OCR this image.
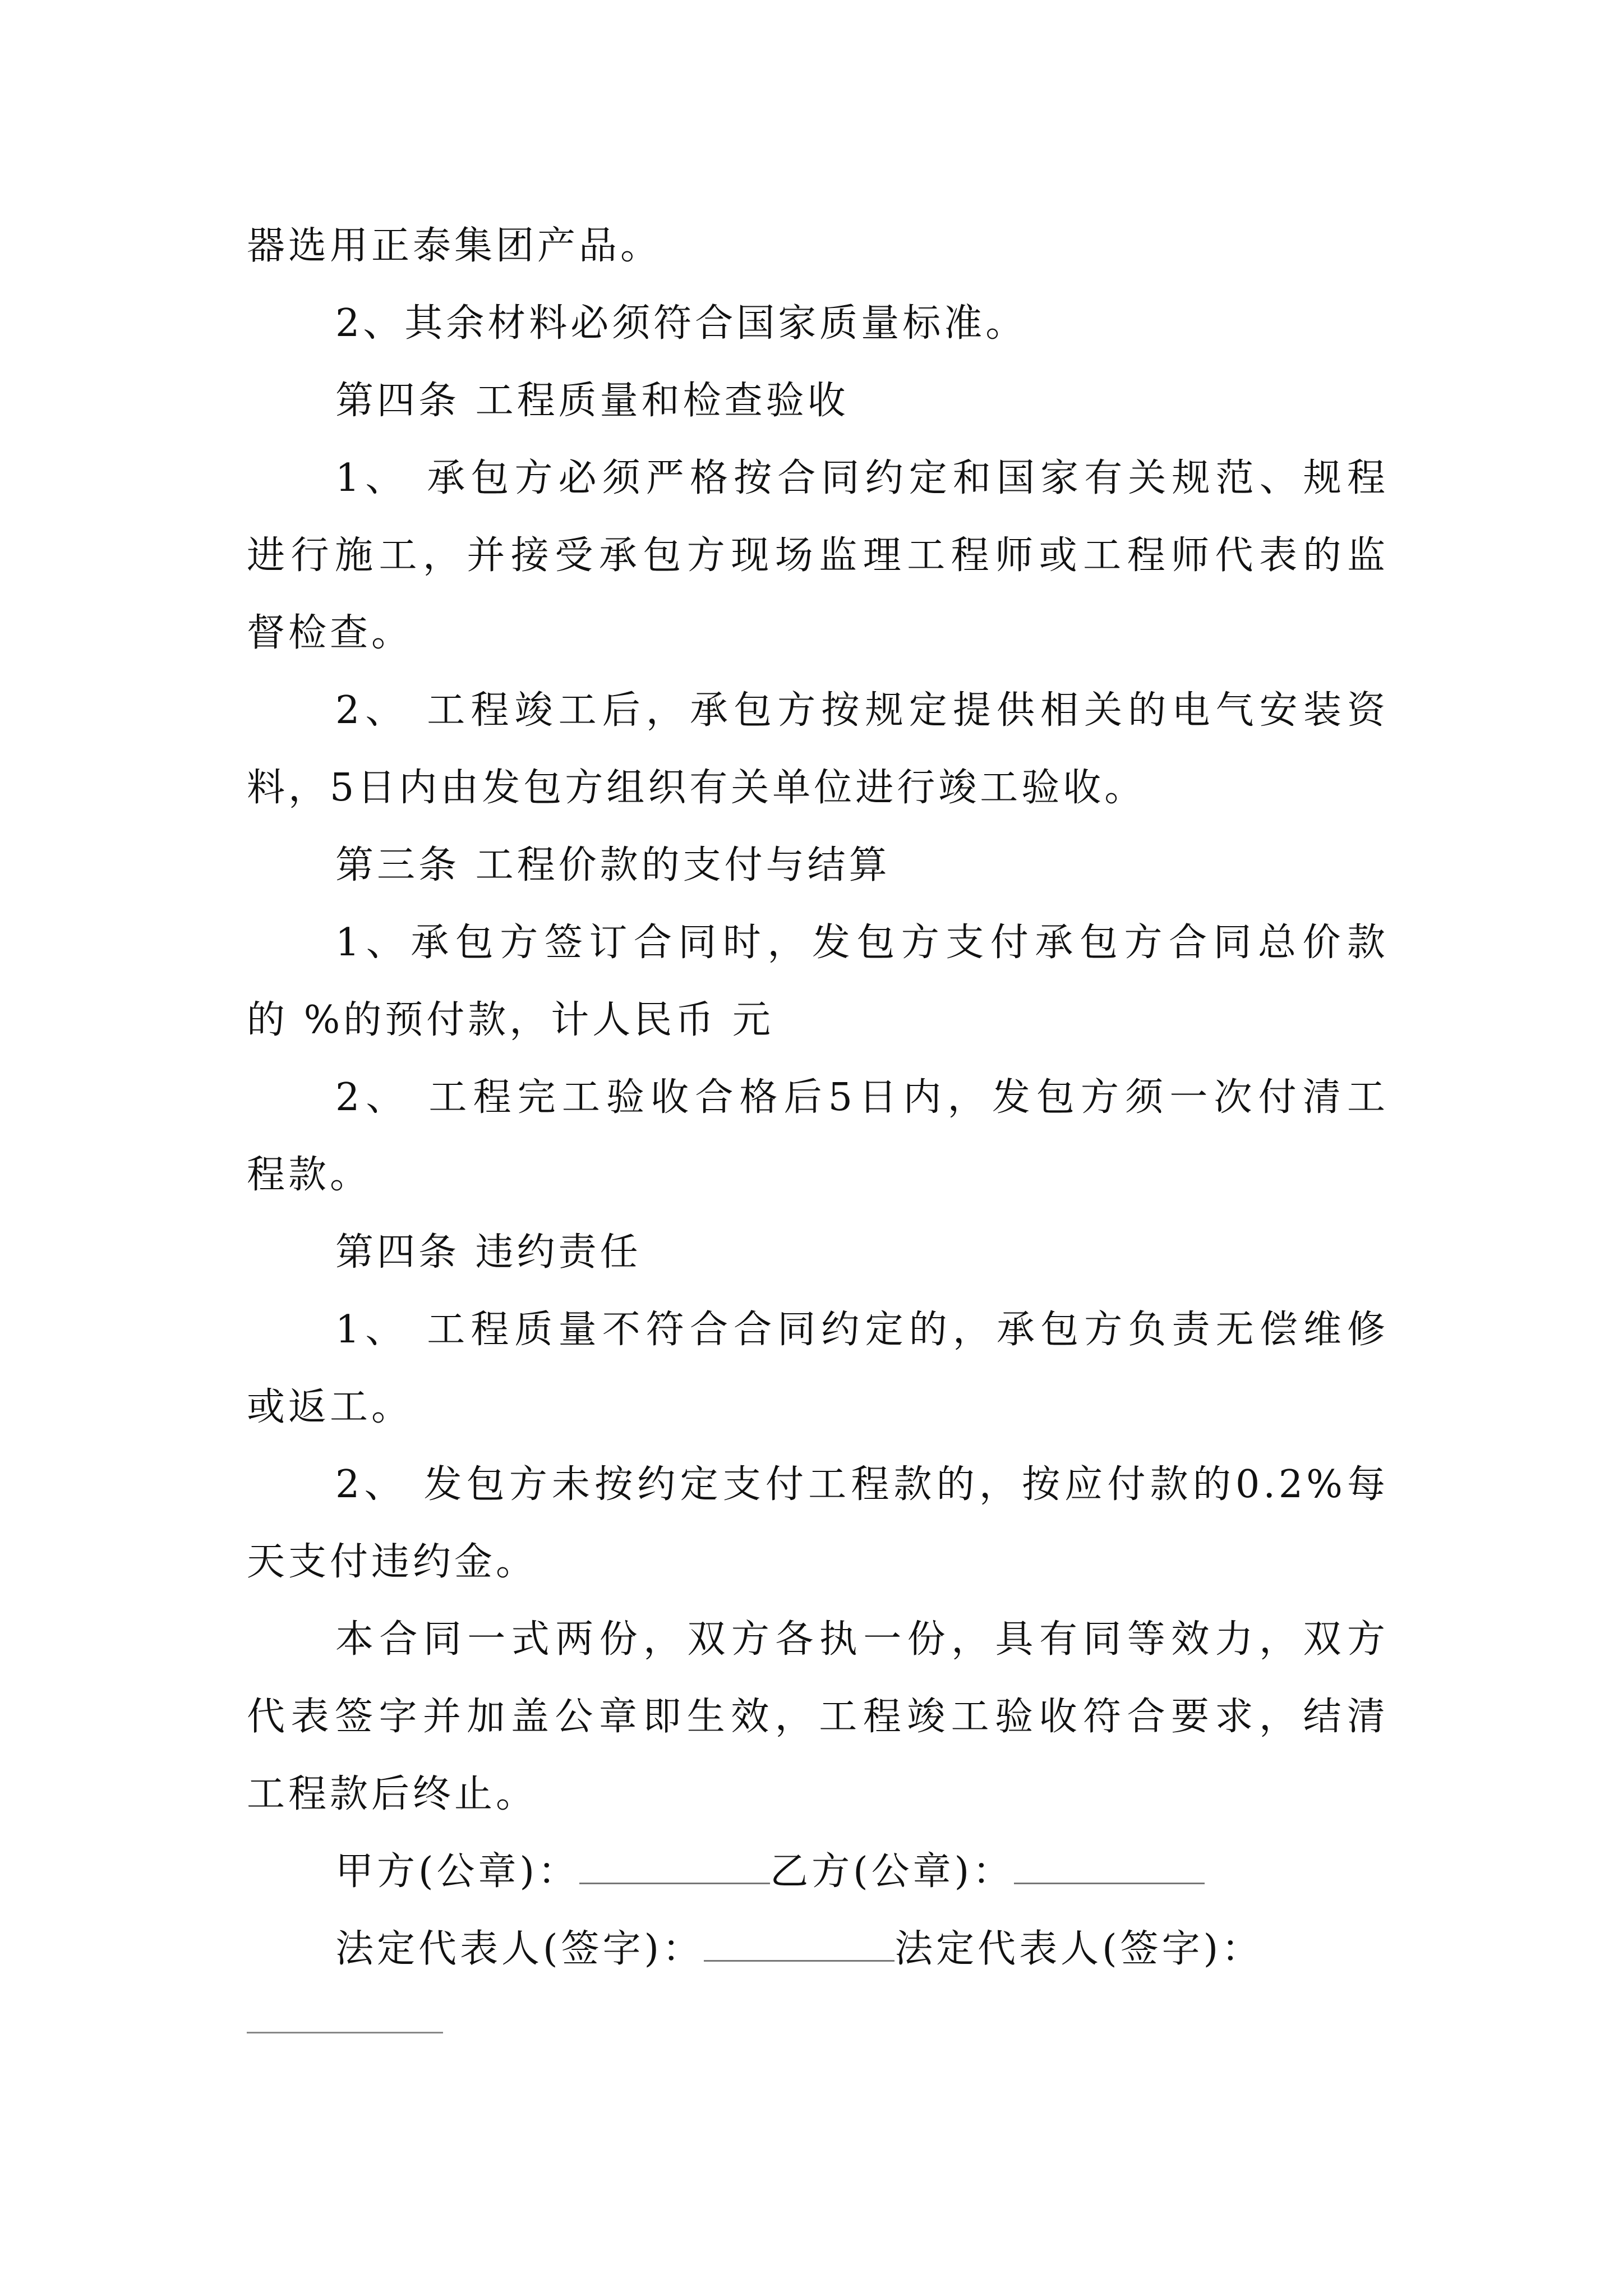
器选用正泰集团产品。
2、其余材料必须符合国家质量标准。
第四条 工程质量和检查验收
1、 承包方必须严格按合同约定和国家有关规范、规程
进行施工，并接受承包方现场监理工程师或工程师代表的监
督检查。
2、 工程竣工后，承包方按规定提供相关的电气安装资
料，5日内由发包方组织有关单位进行竣工验收。
第三条 工程价款的支付与结算
1、承包方签订合同时，发包方支付承包方合同总价款
的 %的预付款，计人民币 元
2、 工程完工验收合格后5日内，发包方须一次付清工
程款。
第四条 违约责任
1、 工程质量不符合合同约定的，承包方负责无偿维修
或返工。
2、 发包方未按约定支付工程款的，按应付款的0.2%每
天支付违约金。
本合同一式两份，双方各执一份，具有同等效力，双方
代表签字并加盖公章即生效，工程竣工验收符合要求，结清
工程款后终止。
甲方(公章)：	乙方(公章)：
法定代表人(签字)：	法定代表人(签字)：
